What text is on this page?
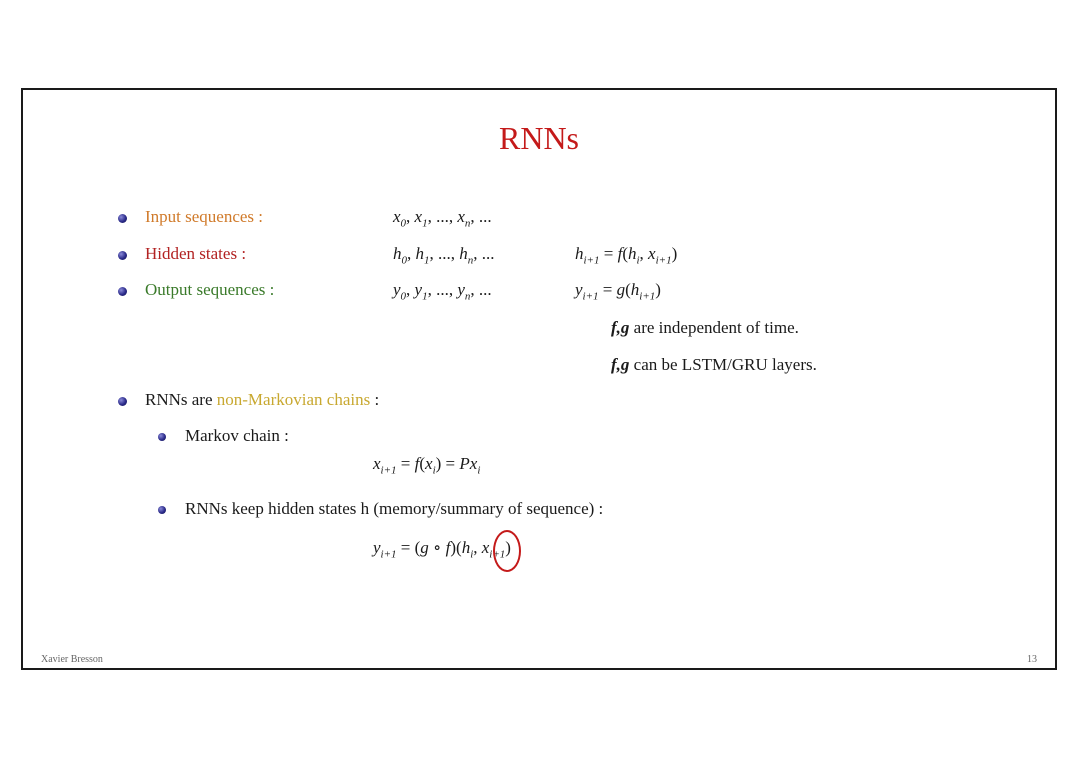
RNNs
Input sequences :	$x_0$, $x_1$, ..., $x_n$, ...
Hidden states :	$h_0$, $h_1$, ..., $h_n$, ...	$h_{i+1} = f(h_i$, $x_{i+1}$)
Output sequences :	$y_0$, $y_1$, ..., $y_n$, ...	$y_{i+1} = g(h_{i+1})$
f,g are independent of time.
f,g can be LSTM/GRU layers.
RNNs are non-Markovian chains :
Markov chain :
$x_{i+1} = f(x_i) = Px_i$
RNNs keep hidden states h (memory/summary of sequence) :
$y_{i+1} = (g$ ∘ $f)(h_i$, $x_{i+1}$)
Xavier Bresson	13
